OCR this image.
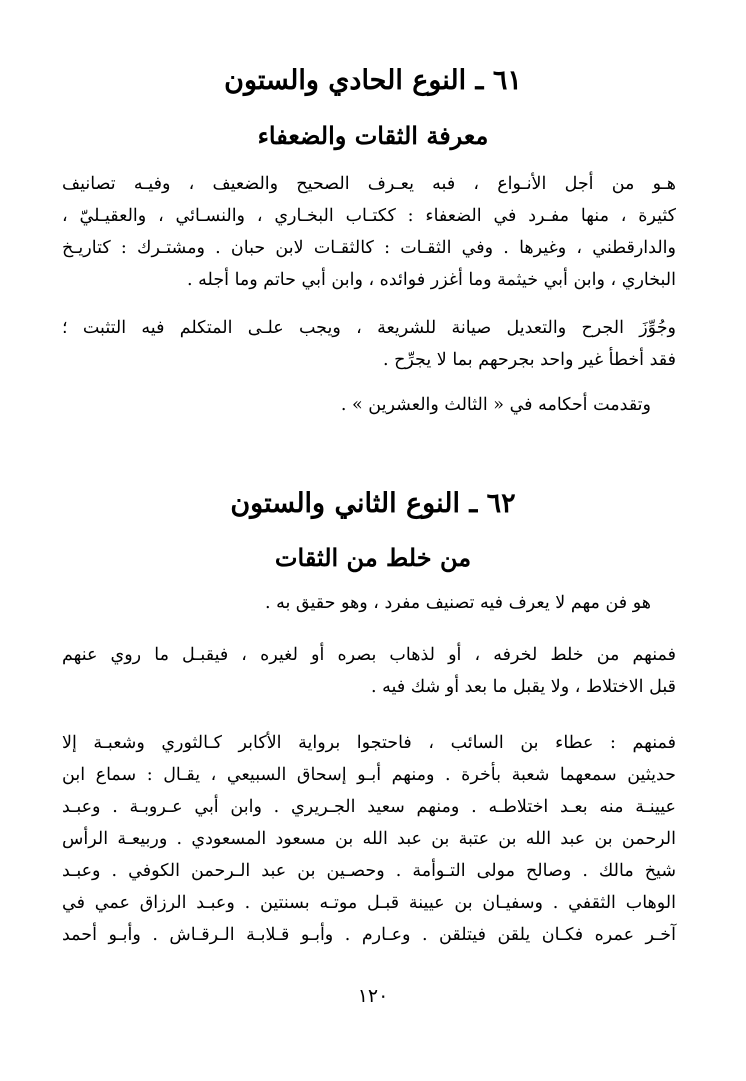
٦١ ـ النوع الحادي والستون
معرفة الثقات والضعفاء
هـو من أجل الأنـواع ، فبه يعـرف الصحيح والضعيف ، وفيـه تصانيف
كثيرة ، منها مفـرد في الضعفاء : ككتـاب البخـاري ، والنسـائي ، والعقيـليّ ،
والدارقطني ، وغيرها . وفي الثقـات : كالثقـات لابن حبان . ومشتـرك : كتاريـخ
البخاري ، وابن أبي خيثمة وما أغزر فوائده ، وابن أبي حاتم وما أجله .
وجُوِّزَ الجرح والتعديل صيانة للشريعة ، ويجب علـى المتكلم فيه التثبت ؛
فقد أخطأ غير واحد بجرحهم بما لا يجرِّح .
وتقدمت أحكامه في « الثالث والعشرين » .
٦٢ ـ النوع الثاني والستون
من خلط من الثقات
هو فن مهم لا يعرف فيه تصنيف مفرد ، وهو حقيق به .
فمنهم من خلط لخرفه ، أو لذهاب بصره أو لغيره ، فيقبـل ما روي عنهم
قبل الاختلاط ، ولا يقبل ما بعد أو شك فيه .
فمنهم : عطاء بن السائب ، فاحتجوا برواية الأكابر كـالثوري وشعبـة إلا
حديثين سمعهما شعبة بأخرة . ومنهم أبـو إسحاق السبيعي ، يقـال : سماع ابن
عيينـة منه بعـد اختلاطـه . ومنهم سعيد الجـريري . وابن أبي عـروبـة . وعبـد
الرحمن بن عبد الله بن عتبة بن عبد الله بن مسعود المسعودي . وربيعـة الرأس
شيخ مالك . وصالح مولى التـوأمة . وحصـين بن عبد الـرحمن الكوفي . وعبـد
الوهاب الثقفي . وسفيـان بن عيينة قبـل موتـه بسنتين . وعبـد الرزاق عمي في
آخـر عمره فكـان يلقن فيتلقن . وعـارم . وأبـو قـلابـة الـرقـاش . وأبـو أحمد
١٢٠
